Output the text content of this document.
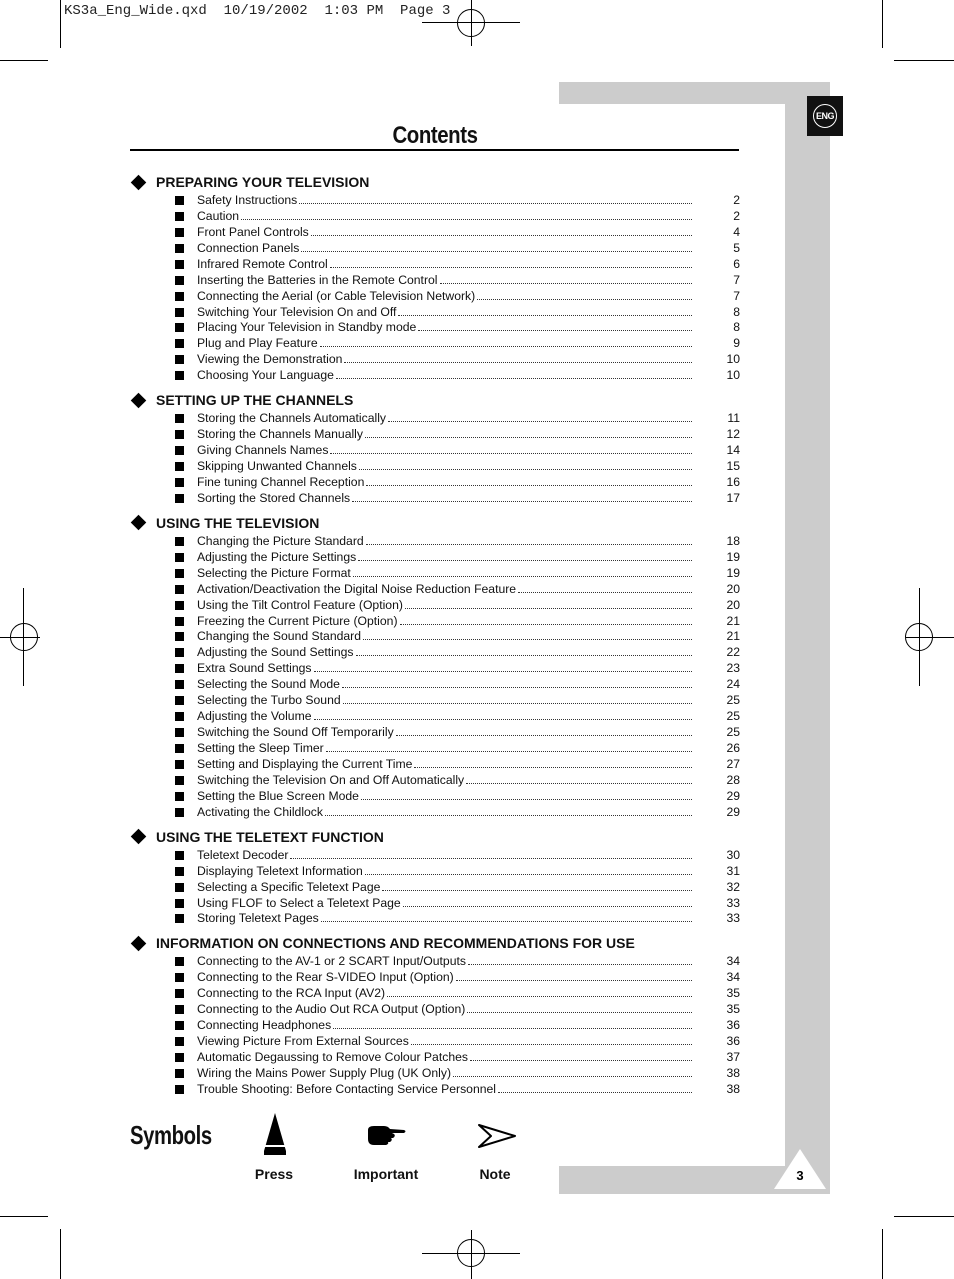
KS3a_Eng_Wide.qxd  10/19/2002  1:03 PM  Page 3
ENG
3
Contents
PREPARING YOUR TELEVISION
Safety Instructions	2
Caution	2
Front Panel Controls	4
Connection Panels	5
Infrared Remote Control	6
Inserting the Batteries in the Remote Control	7
Connecting the Aerial (or Cable Television Network)	7
Switching Your Television On and Off	8
Placing Your Television in Standby mode	8
Plug and Play Feature	9
Viewing the Demonstration	10
Choosing Your Language	10
SETTING UP THE CHANNELS
Storing the Channels Automatically	11
Storing the Channels Manually	12
Giving Channels Names	14
Skipping Unwanted Channels	15
Fine tuning Channel Reception	16
Sorting the Stored Channels	17
USING THE TELEVISION
Changing the Picture Standard	18
Adjusting the Picture Settings	19
Selecting the Picture Format	19
Activation/Deactivation the Digital Noise Reduction Feature	20
Using the Tilt Control Feature (Option)	20
Freezing the Current Picture (Option)	21
Changing the Sound Standard	21
Adjusting the Sound Settings	22
Extra Sound Settings	23
Selecting the Sound Mode	24
Selecting the Turbo Sound	25
Adjusting the Volume	25
Switching the Sound Off Temporarily	25
Setting the Sleep Timer	26
Setting and Displaying the Current Time	27
Switching the Television On and Off Automatically	28
Setting the Blue Screen Mode	29
Activating the Childlock	29
USING THE TELETEXT FUNCTION
Teletext Decoder	30
Displaying Teletext Information	31
Selecting a Specific Teletext Page	32
Using FLOF to Select a Teletext Page	33
Storing Teletext Pages	33
INFORMATION ON CONNECTIONS AND RECOMMENDATIONS FOR USE
Connecting to the AV-1 or 2 SCART Input/Outputs	34
Connecting to the Rear S-VIDEO Input (Option)	34
Connecting to the RCA Input (AV2)	35
Connecting to the Audio Out RCA Output (Option)	35
Connecting Headphones	36
Viewing Picture From External Sources	36
Automatic Degaussing to Remove Colour Patches	37
Wiring the Mains Power Supply Plug (UK Only)	38
Trouble Shooting: Before Contacting Service Personnel	38
Symbols
Press	Important	Note
